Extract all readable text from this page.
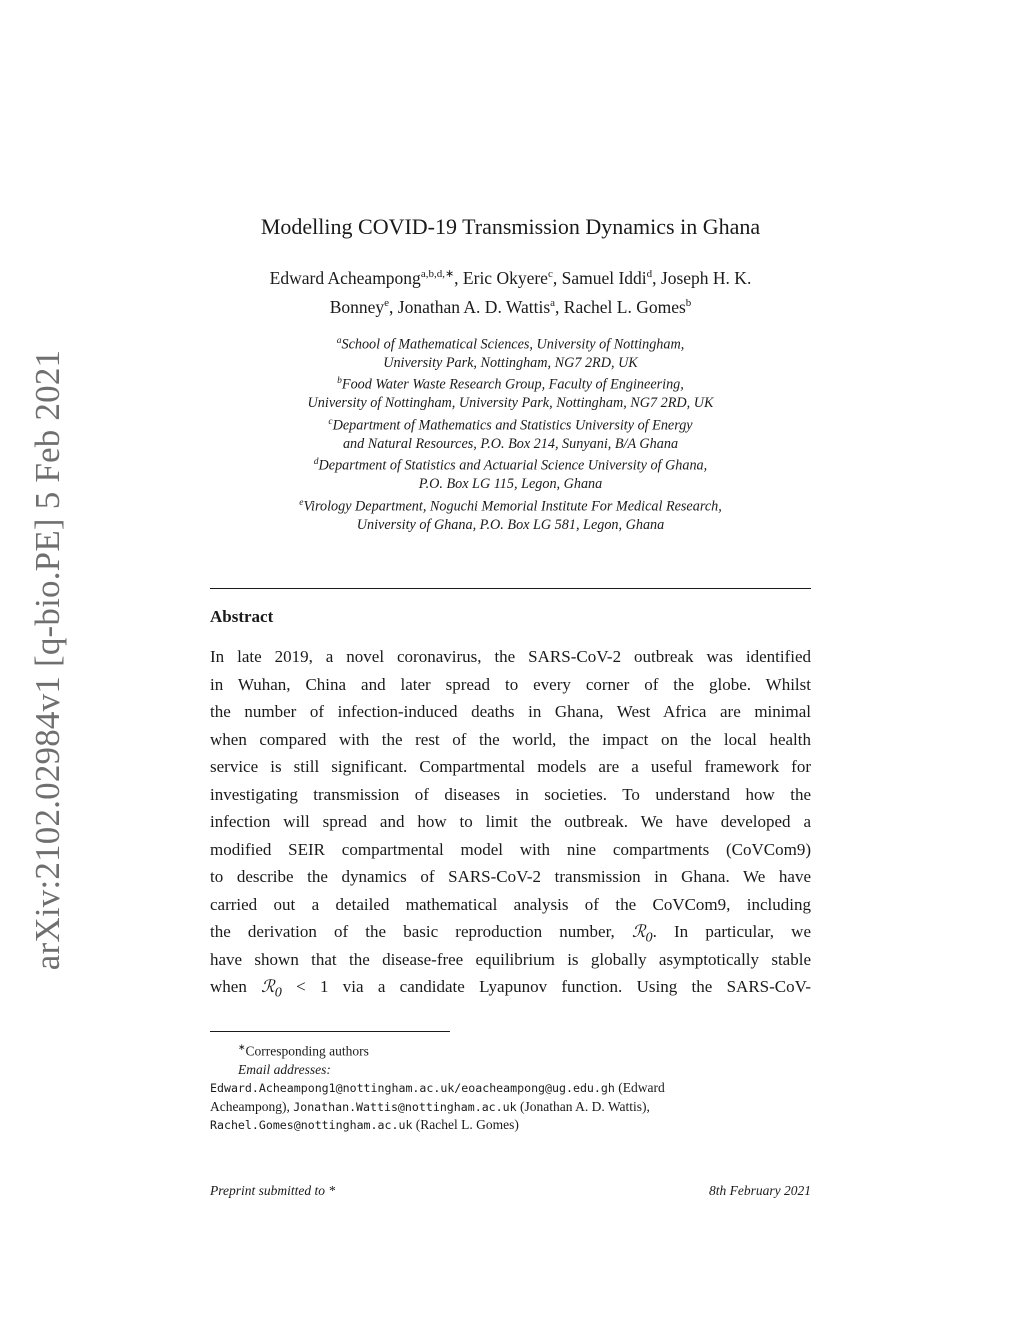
arXiv:2102.02984v1 [q-bio.PE] 5 Feb 2021
Modelling COVID-19 Transmission Dynamics in Ghana
Edward Acheampong$^{a,b,d,∗}$, Eric Okyere$^c$, Samuel Iddi$^d$, Joseph H. K.
Bonney$^e$, Jonathan A. D. Wattis$^a$, Rachel L. Gomes$^b$
$^a$School of Mathematical Sciences, University of Nottingham,
University Park, Nottingham, NG7 2RD, UK
$^b$Food Water Waste Research Group, Faculty of Engineering,
University of Nottingham, University Park, Nottingham, NG7 2RD, UK
$^c$Department of Mathematics and Statistics University of Energy
and Natural Resources, P.O. Box 214, Sunyani, B/A Ghana
$^d$Department of Statistics and Actuarial Science University of Ghana,
P.O. Box LG 115, Legon, Ghana
$^e$Virology Department, Noguchi Memorial Institute For Medical Research,
University of Ghana, P.O. Box LG 581, Legon, Ghana
Abstract
In late 2019, a novel coronavirus, the SARS-CoV-2 outbreak was identified
in Wuhan, China and later spread to every corner of the globe. Whilst
the number of infection-induced deaths in Ghana, West Africa are minimal
when compared with the rest of the world, the impact on the local health
service is still significant. Compartmental models are a useful framework for
investigating transmission of diseases in societies. To understand how the
infection will spread and how to limit the outbreak. We have developed a
modified SEIR compartmental model with nine compartments (CoVCom9)
to describe the dynamics of SARS-CoV-2 transmission in Ghana. We have
carried out a detailed mathematical analysis of the CoVCom9, including
the derivation of the basic reproduction number, ℛ$_0$. In particular, we
have shown that the disease-free equilibrium is globally asymptotically stable
when ℛ$_0$ < 1 via a candidate Lyapunov function. Using the SARS-CoV-
∗Corresponding authors
Email addresses:
Edward.Acheampong1@nottingham.ac.uk/eoacheampong@ug.edu.gh (Edward
Acheampong), Jonathan.Wattis@nottingham.ac.uk (Jonathan A. D. Wattis),
Rachel.Gomes@nottingham.ac.uk (Rachel L. Gomes)
Preprint submitted to *	8th February 2021
